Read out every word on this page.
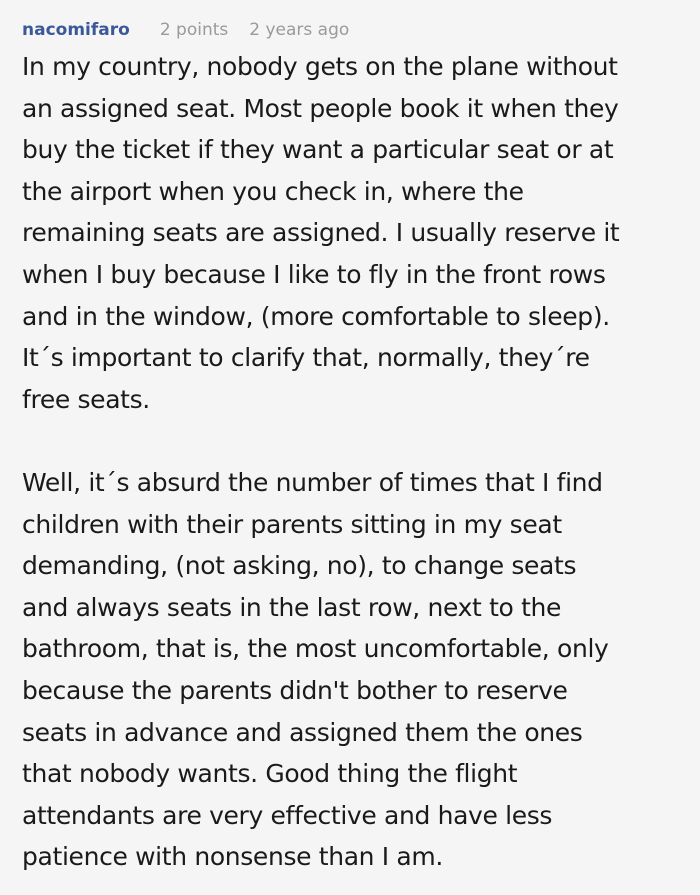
nacomifaro 2 points 2 years ago

In my country, nobody gets on the plane without
an assigned seat. Most people book it when they
buy the ticket if they want a particular seat or at
the airport when you check in, where the
remaining seats are assigned. I usually reserve it
when I buy because I like to fly in the front rows
and in the window, (more comfortable to sleep).
It´s important to clarify that, normally, they´re
free seats.

Well, it´s absurd the number of times that I find
children with their parents sitting in my seat
demanding, (not asking, no), to change seats
and always seats in the last row, next to the
bathroom, that is, the most uncomfortable, only
because the parents didn't bother to reserve
seats in advance and assigned them the ones
that nobody wants. Good thing the flight
attendants are very effective and have less
patience with nonsense than I am.
